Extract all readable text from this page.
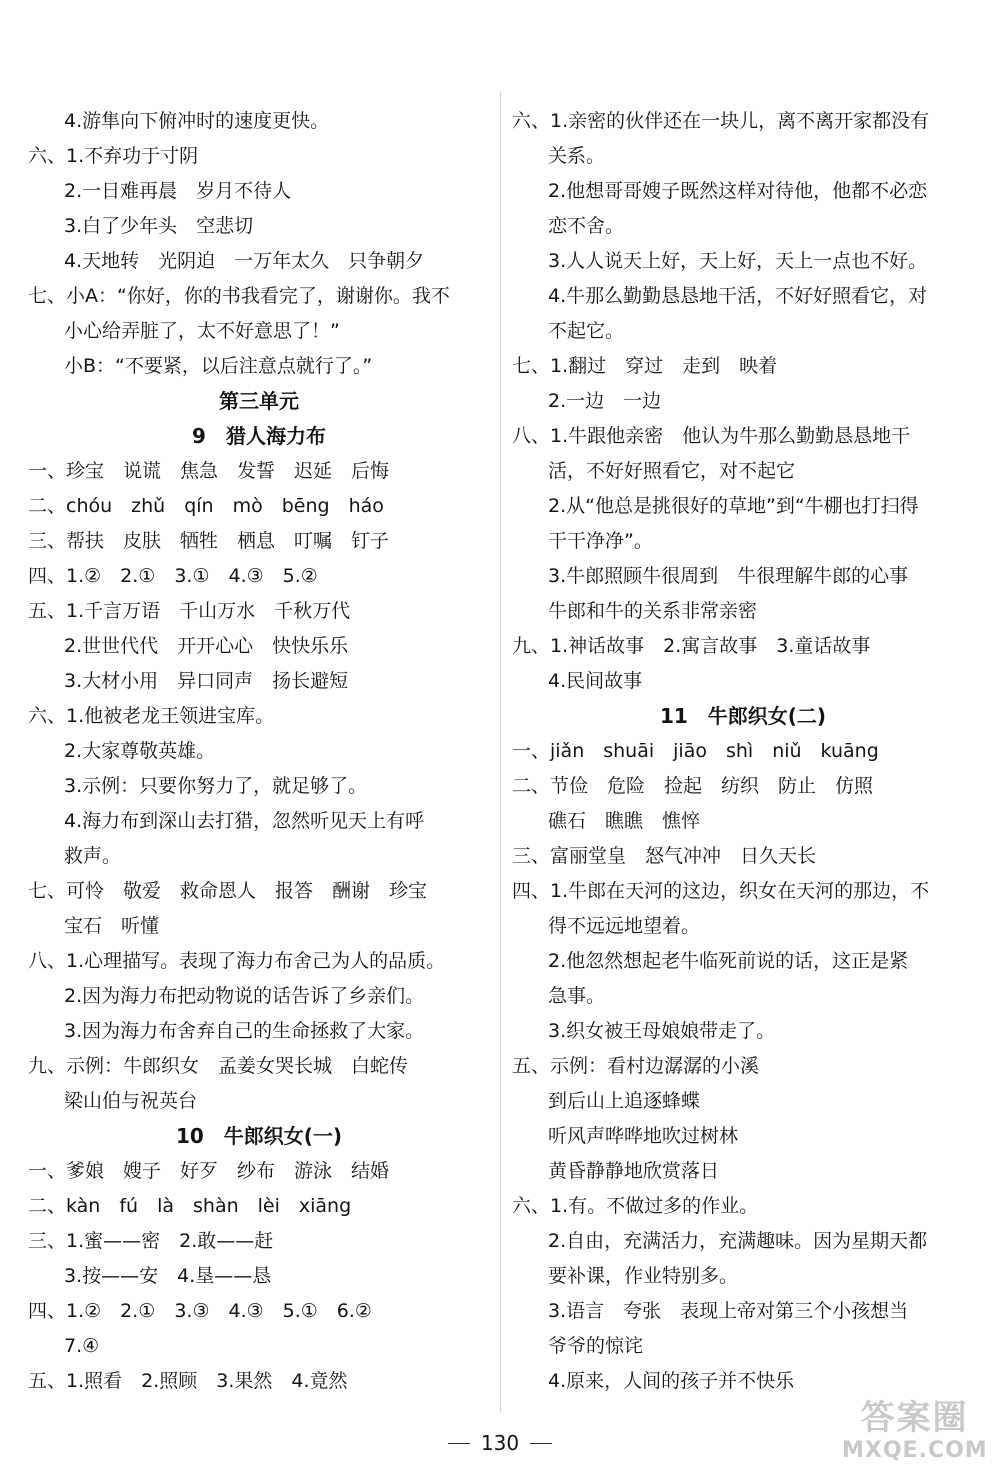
4.游隼向下俯冲时的速度更快。
六、1.不弃功于寸阴
2.一日难再晨　岁月不待人
3.白了少年头　空悲切
4.天地转　光阴迫　一万年太久　只争朝夕
七、小A：“你好，你的书我看完了，谢谢你。我不
小心给弄脏了，太不好意思了！”
小B：“不要紧，以后注意点就行了。”
第三单元
9　猎人海力布
一、珍宝　说谎　焦急　发誓　迟延　后悔
二、chóu　zhǔ　qín　mò　bēng　háo
三、帮扶　皮肤　牺牲　栖息　叮嘱　钉子
四、1.②　2.①　3.①　4.③　5.②
五、1.千言万语　千山万水　千秋万代
2.世世代代　开开心心　快快乐乐
3.大材小用　异口同声　扬长避短
六、1.他被老龙王领进宝库。
2.大家尊敬英雄。
3.示例：只要你努力了，就足够了。
4.海力布到深山去打猎，忽然听见天上有呼
救声。
七、可怜　敬爱　救命恩人　报答　酬谢　珍宝
宝石　听懂
八、1.心理描写。表现了海力布舍己为人的品质。
2.因为海力布把动物说的话告诉了乡亲们。
3.因为海力布舍弃自己的生命拯救了大家。
九、示例：牛郎织女　孟姜女哭长城　白蛇传
梁山伯与祝英台
10　牛郎织女(一)
一、爹娘　嫂子　好歹　纱布　游泳　结婚
二、kàn　fú　là　shàn　lèi　xiāng
三、1.蜜——密　2.敢——赶
3.按——安　4.垦——恳
四、1.②　2.①　3.③　4.③　5.①　6.②
7.④
五、1.照看　2.照顾　3.果然　4.竟然
六、1.亲密的伙伴还在一块儿，离不离开家都没有
关系。
2.他想哥哥嫂子既然这样对待他，他都不必恋
恋不舍。
3.人人说天上好，天上好，天上一点也不好。
4.牛那么勤勤恳恳地干活，不好好照看它，对
不起它。
七、1.翻过　穿过　走到　映着
2.一边　一边
八、1.牛跟他亲密　他认为牛那么勤勤恳恳地干
活，不好好照看它，对不起它
2.从“他总是挑很好的草地”到“牛棚也打扫得
干干净净”。
3.牛郎照顾牛很周到　牛很理解牛郎的心事
牛郎和牛的关系非常亲密
九、1.神话故事　2.寓言故事　3.童话故事
4.民间故事
11　牛郎织女(二)
一、jiǎn　shuāi　jiāo　shì　niǔ　kuāng
二、节俭　危险　捡起　纺织　防止　仿照
礁石　瞧瞧　憔悴
三、富丽堂皇　怒气冲冲　日久天长
四、1.牛郎在天河的这边，织女在天河的那边，不
得不远远地望着。
2.他忽然想起老牛临死前说的话，这正是紧
急事。
3.织女被王母娘娘带走了。
五、示例：看村边潺潺的小溪
到后山上追逐蜂蝶
听风声哗哗地吹过树林
黄昏静静地欣赏落日
六、1.有。不做过多的作业。
2.自由，充满活力，充满趣味。因为星期天都
要补课，作业特别多。
3.语言　夸张　表现上帝对第三个小孩想当
爷爷的惊诧
4.原来，人间的孩子并不快乐
130
答案圈
MXQE.COM
